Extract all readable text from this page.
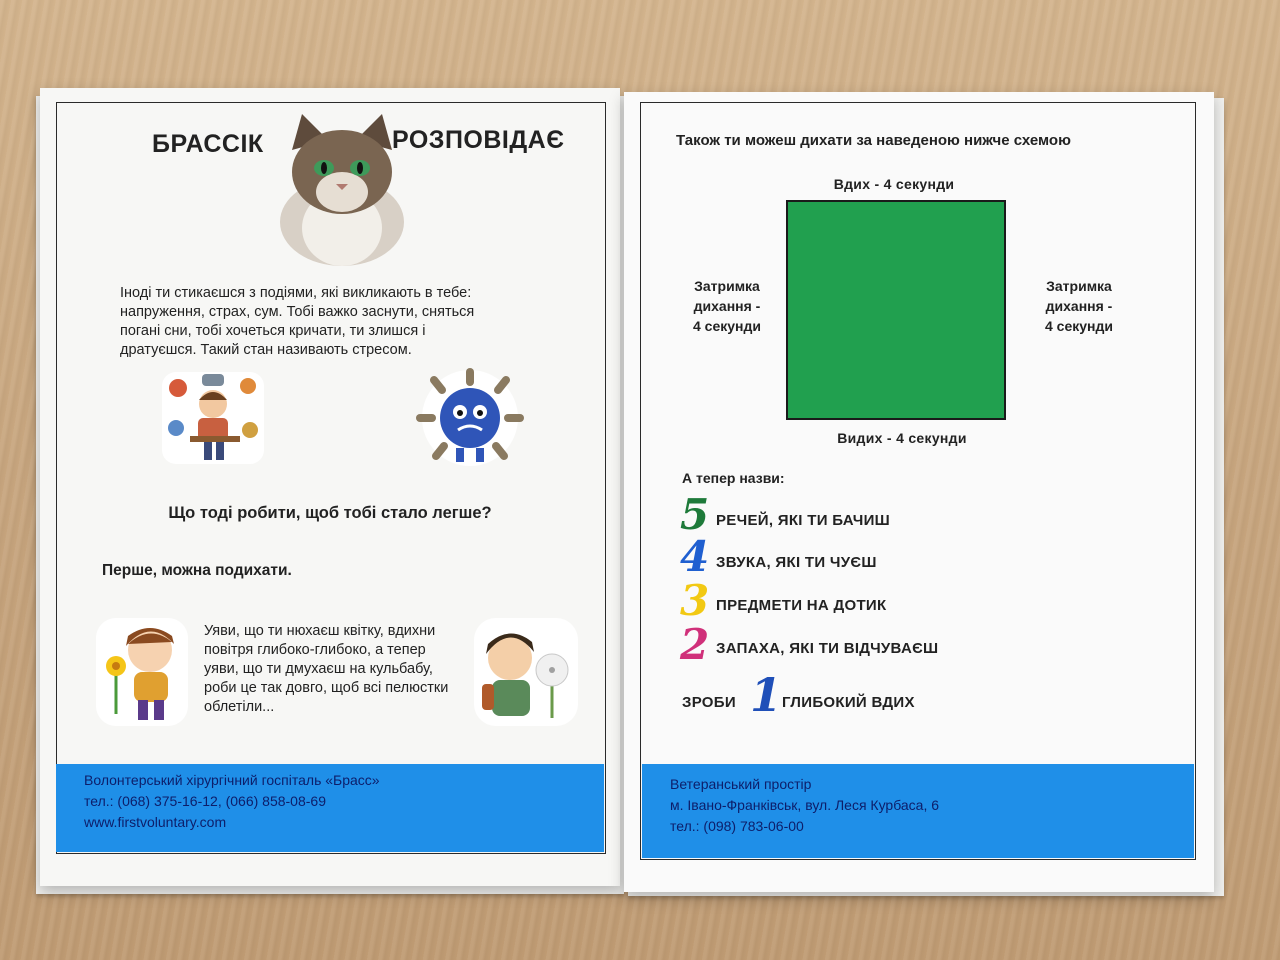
БРАССІК	РОЗПОВІДАЄ
Іноді ти стикаєшся з подіями, які викликають в тебе:
напруження, страх, сум. Тобі важко заснути, сняться
погані сни, тобі хочеться кричати, ти злишся і
дратуєшся. Такий стан називають стресом.
Що тоді робити, щоб тобі стало легше?
Перше, можна подихати.
Уяви, що ти нюхаєш квітку, вдихни
повітря глибоко-глибоко, а тепер
уяви, що ти дмухаєш на кульбабу,
роби це так довго, щоб всі пелюстки
облетіли...
Волонтерський хірургічний госпіталь «Брасс»
тел.: (068) 375-16-12, (066) 858-08-69
www.firstvoluntary.com
Також ти можеш дихати за наведеною нижче схемою
Вдих - 4 секунди
Затримка
дихання -
4 секунди
Затримка
дихання -
4 секунди
Видих - 4 секунди
А тепер назви:
5 РЕЧЕЙ, ЯКІ ТИ БАЧИШ
4 ЗВУКА, ЯКІ ТИ ЧУЄШ
3 ПРЕДМЕТИ НА ДОТИК
2 ЗАПАХА, ЯКІ ТИ ВІДЧУВАЄШ
ЗРОБИ 1 ГЛИБОКИЙ ВДИХ
Ветеранський простір
м. Івано-Франківськ, вул. Леся Курбаса, 6
тел.: (098) 783-06-00
